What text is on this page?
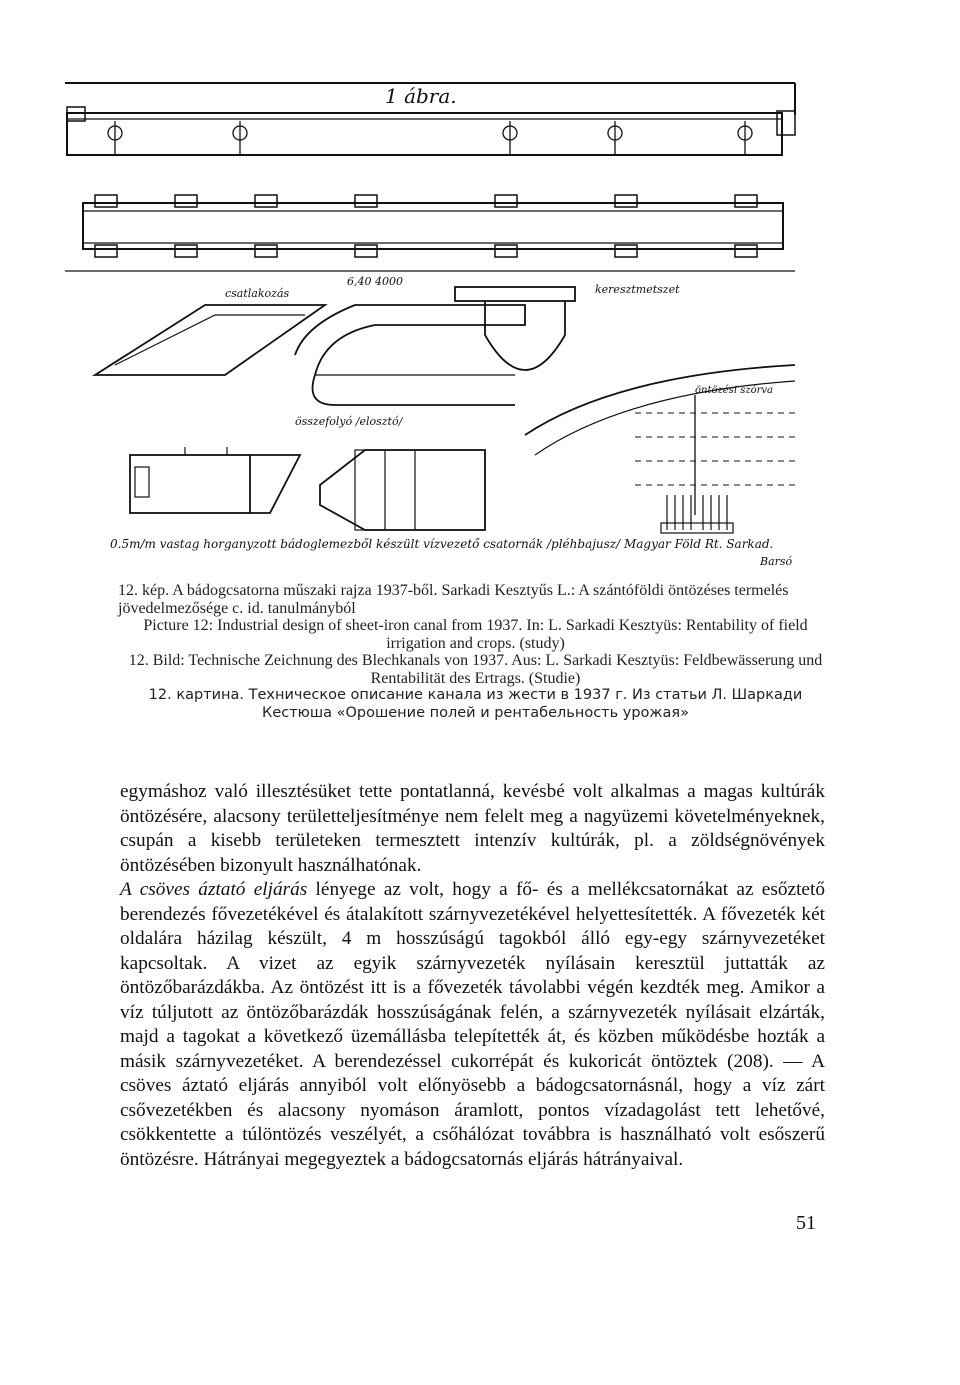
1 ábra.
6,40 4000
csatlakozás	keresztmetszet
öntözési szórva
összefolyó /elosztó/
0.5m/m vastag horganyzott bádoglemezből készült vízvezető csatornák /pléhbajusz/ Magyar Föld Rt. Sarkad.
Barsó
12. kép. A bádogcsatorna műszaki rajza 1937-ből. Sarkadi Kesztyűs L.: A szántóföldi öntözéses termelés jövedelmezősége c. id. tanulmányból
Picture 12: Industrial design of sheet-iron canal from 1937. In: L. Sarkadi Kesztyüs: Rentability of field irrigation and crops. (study)
12. Bild: Technische Zeichnung des Blechkanals von 1937. Aus: L. Sarkadi Kesztyüs: Feldbewässerung und Rentabilität des Ertrags. (Studie)
12. картина. Техническое описание канала из жести в 1937 г. Из статьи Л. Шаркади Кестюша «Орошение полей и рентабельность урожая»

egymáshoz való illesztésüket tette pontatlanná, kevésbé volt alkalmas a magas kultúrák öntözésére, alacsony területteljesítménye nem felelt meg a nagyüzemi követelményeknek, csupán a kisebb területeken termesztett intenzív kultúrák, pl. a zöldségnövények öntözésében bizonyult használhatónak.

A csöves áztató eljárás lényege az volt, hogy a fő- és a mellékcsatornákat az esőztető berendezés fővezetékével és átalakított szárnyvezetékével helyettesítették. A fővezeték két oldalára házilag készült, 4 m hosszúságú tagokból álló egy-egy szárnyvezetéket kapcsoltak. A vizet az egyik szárnyvezeték nyílásain keresztül juttatták az öntözőbarázdákba. Az öntözést itt is a fővezeték távolabbi végén kezdték meg. Amikor a víz túljutott az öntözőbarázdák hosszúságának felén, a szárnyvezeték nyílásait elzárták, majd a tagokat a következő üzemállásba telepítették át, és közben működésbe hozták a másik szárnyvezetéket. A berendezéssel cukorrépát és kukoricát öntöztek (208). — A csöves áztató eljárás annyiból volt előnyösebb a bádogcsatornásnál, hogy a víz zárt csővezetékben és alacsony nyomáson áramlott, pontos vízadagolást tett lehetővé, csökkentette a túlöntözés veszélyét, a csőhálózat továbbra is használható volt esőszerű öntözésre. Hátrányai megegyeztek a bádogcsatornás eljárás hátrányaival.

51
